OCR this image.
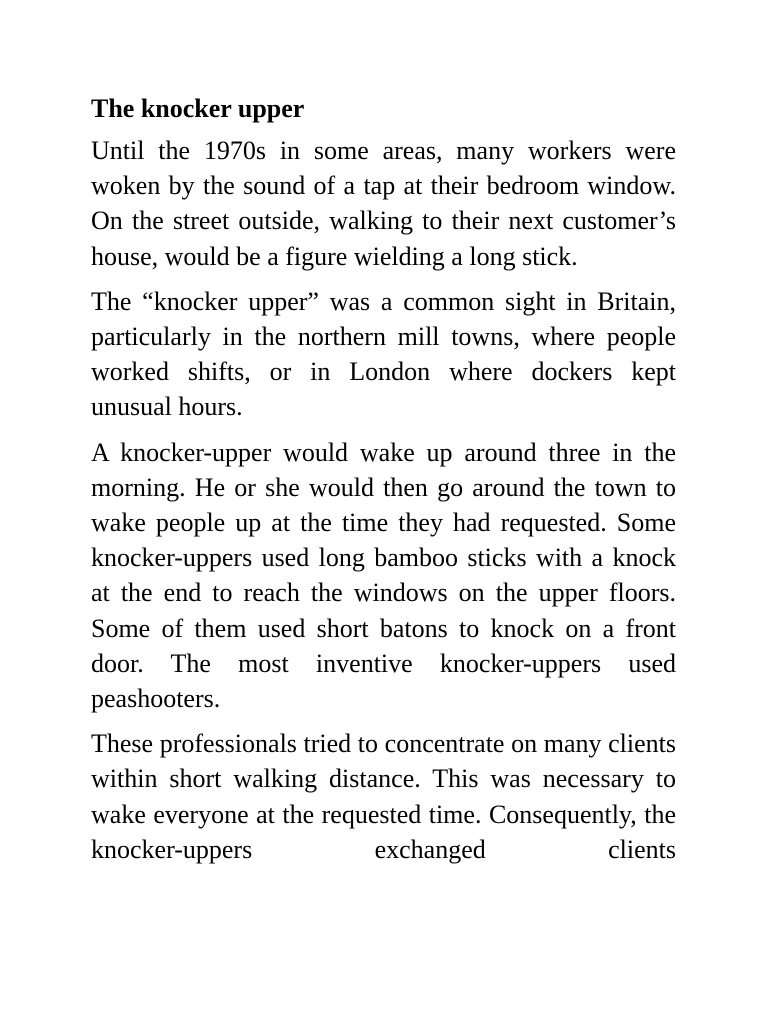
The knocker upper

Until the 1970s in some areas, many workers were woken by the sound of a tap at their bedroom window. On the street outside, walking to their next customer’s house, would be a figure wielding a long stick.

The “knocker upper” was a common sight in Britain, particularly in the northern mill towns, where people worked shifts, or in London where dockers kept unusual hours.

A knocker-upper would wake up around three in the morning. He or she would then go around the town to wake people up at the time they had requested. Some knocker-uppers used long bamboo sticks with a knock at the end to reach the windows on the upper floors. Some of them used short batons to knock on a front door. The most inventive knocker-uppers used peashooters.

These professionals tried to concentrate on many clients within short walking distance. This was necessary to wake everyone at the requested time. Consequently, the knocker-uppers exchanged clients
